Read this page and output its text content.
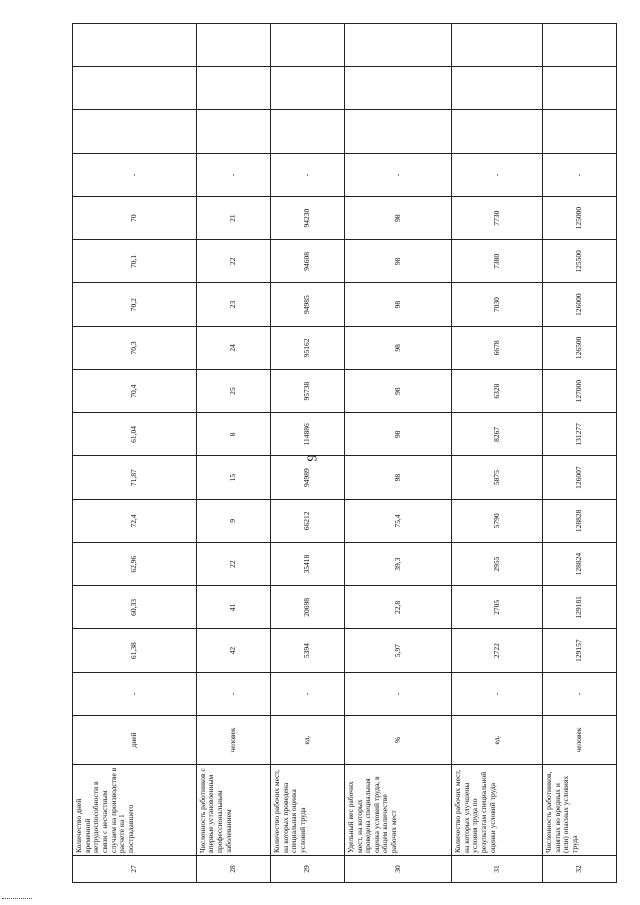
27	Количество дней временной нетрудоспособности в связи с несчастным случаем на производстве в расчете на 1 пострадавшего	дней	-	61,38	60,33	62,96	72,4	71,87	61,04	70,4	70,3	70,2	70,1	70	-			
28	Численность работников с впервые установленным профессиональным заболеванием	человек	-	42	41	22	9	15	8	25	24	23	22	21	-			
29	Количество рабочих мест, на которых проведена специальная оценка условий труда	ед.	-	5394	20698	35418	66212	94989	114886	95738	95162	94985	94608	94230	-			
30	Удельный вес рабочих мест, на которых проведена специальная оценка условий труда, в общем количестве рабочих мест	%	-	5,97	22,8	39,3	75,4	98	98	98	98	98	98	98	-			
31	Количество рабочих мест, на которых улучшены условия труда по результатам специальной оценки условий труда	ед.	-	2722	2705	2955	5790	5875	8267	6328	6678	7030	7380	7730	-			
32	Численность работников, занятых во вредных и (или) опасных условиях труда	человек	-	129157	129181	128824	128828	126007	131277	127000	126500	126000	125500	125000	-			
9
